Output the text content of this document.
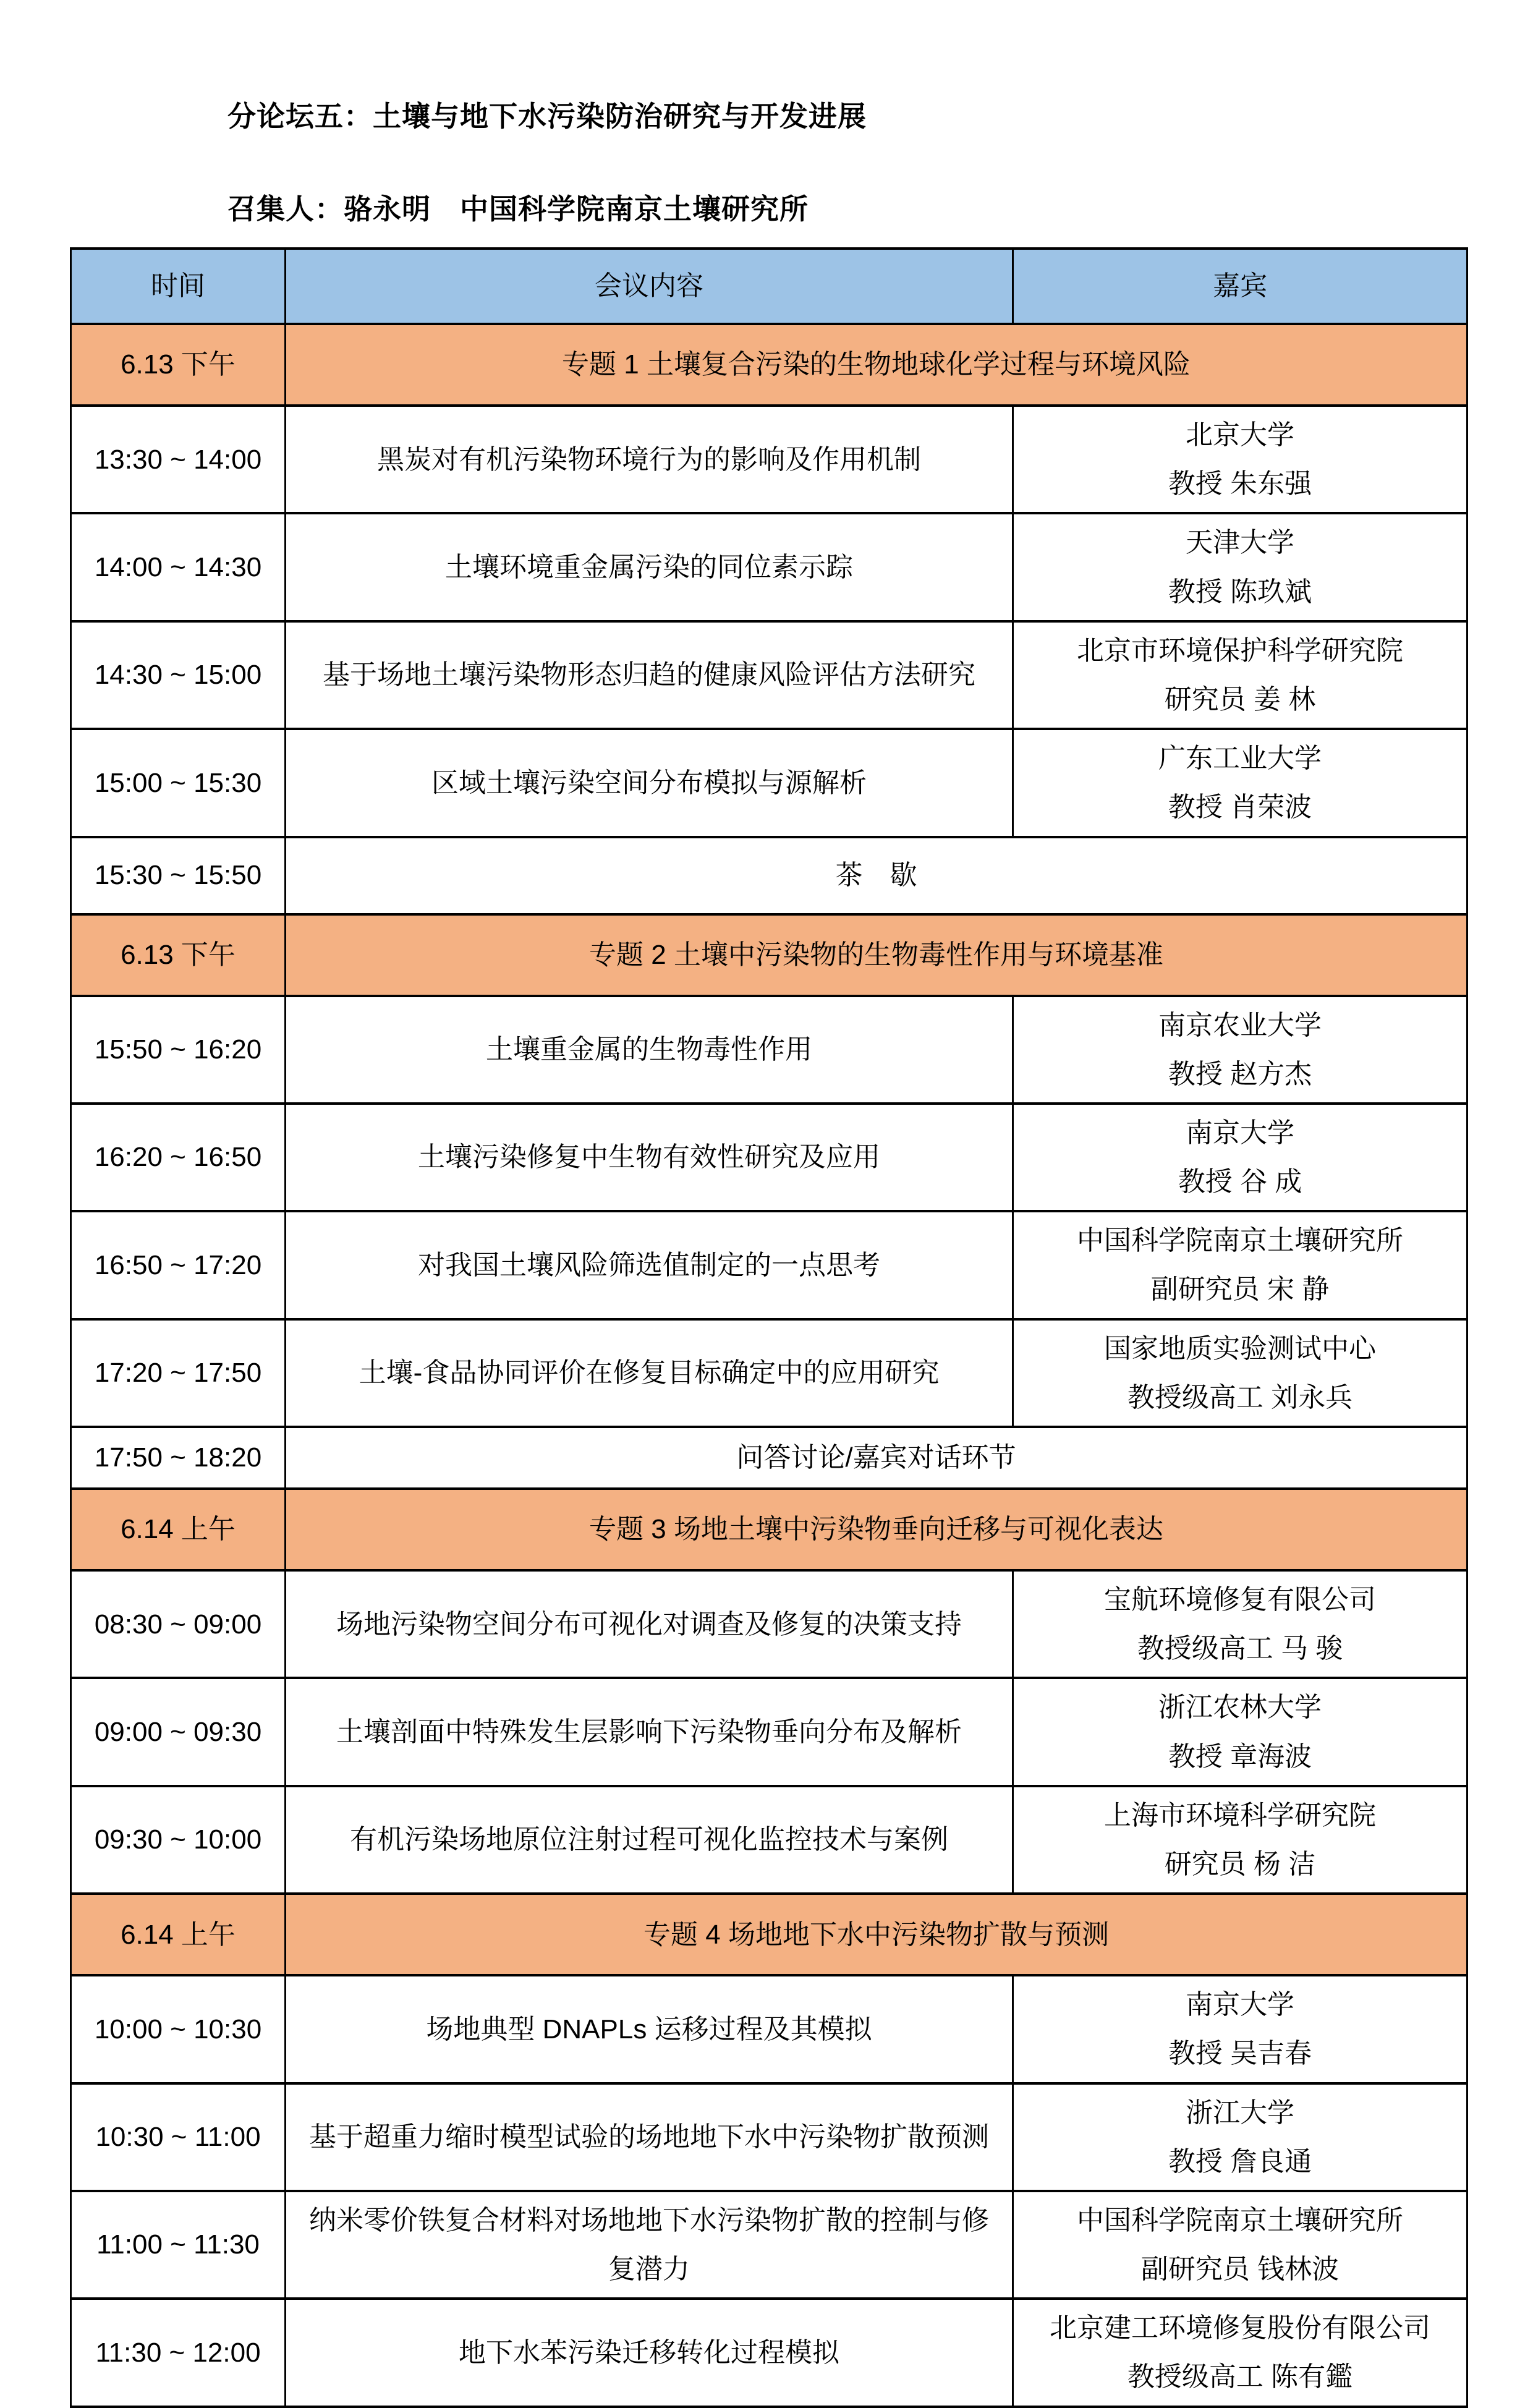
分论坛五：土壤与地下水污染防治研究与开发进展
召集人：骆永明　中国科学院南京土壤研究所
时间	会议内容	嘉宾
6.13 下午	专题 1 土壤复合污染的生物地球化学过程与环境风险	
13:30 ~ 14:00	黑炭对有机污染物环境行为的影响及作用机制	北京大学
教授 朱东强

14:00 ~ 14:30	土壤环境重金属污染的同位素示踪	天津大学
教授 陈玖斌

14:30 ~ 15:00	基于场地土壤污染物形态归趋的健康风险评估方法研究	北京市环境保护科学研究院
研究员 姜 林

15:00 ~ 15:30	区域土壤污染空间分布模拟与源解析	广东工业大学
教授 肖荣波

15:30 ~ 15:50	茶　歇	
6.13 下午	专题 2 土壤中污染物的生物毒性作用与环境基准	
15:50 ~ 16:20	土壤重金属的生物毒性作用	南京农业大学
教授 赵方杰

16:20 ~ 16:50	土壤污染修复中生物有效性研究及应用	南京大学
教授 谷 成

16:50 ~ 17:20	对我国土壤风险筛选值制定的一点思考	中国科学院南京土壤研究所
副研究员 宋 静

17:20 ~ 17:50	土壤-食品协同评价在修复目标确定中的应用研究	国家地质实验测试中心
教授级高工 刘永兵

17:50 ~ 18:20	问答讨论/嘉宾对话环节	
6.14 上午	专题 3 场地土壤中污染物垂向迁移与可视化表达	
08:30 ~ 09:00	场地污染物空间分布可视化对调查及修复的决策支持	宝航环境修复有限公司
教授级高工 马 骏

09:00 ~ 09:30	土壤剖面中特殊发生层影响下污染物垂向分布及解析	浙江农林大学
教授 章海波

09:30 ~ 10:00	有机污染场地原位注射过程可视化监控技术与案例	上海市环境科学研究院
研究员 杨 洁

6.14 上午	专题 4 场地地下水中污染物扩散与预测	
10:00 ~ 10:30	场地典型 DNAPLs 运移过程及其模拟	南京大学
教授 吴吉春

10:30 ~ 11:00	基于超重力缩时模型试验的场地地下水中污染物扩散预测	浙江大学
教授 詹良通

11:00 ~ 11:30	纳米零价铁复合材料对场地地下水污染物扩散的控制与修复潜力	中国科学院南京土壤研究所
副研究员 钱林波

11:30 ~ 12:00	地下水苯污染迁移转化过程模拟	北京建工环境修复股份有限公司
教授级高工 陈有鑑
